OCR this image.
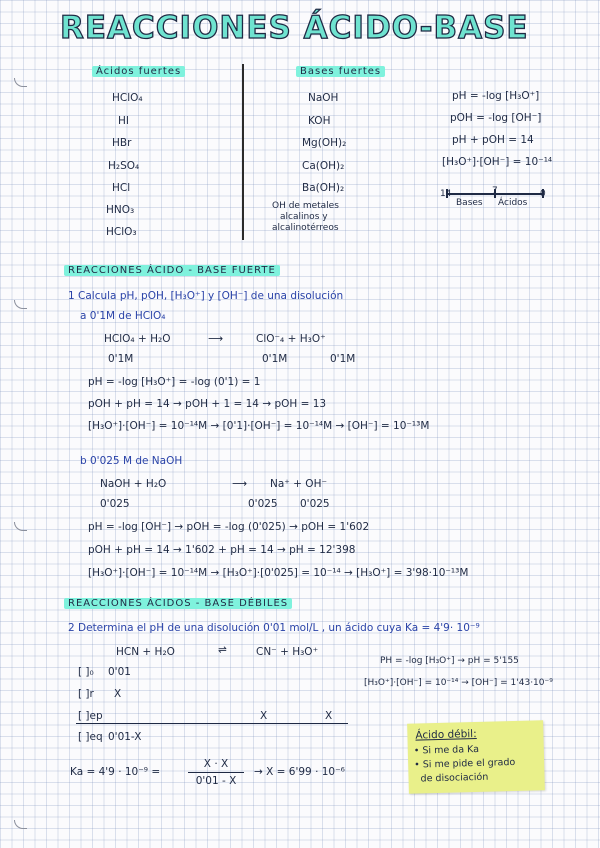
REACCIONES ÁCIDO-BASE
Ácidos fuertes	Bases fuertes
HClO₄
HI
HBr
H₂SO₄
HCl
HNO₃
HClO₃
NaOH
KOH
Mg(OH)₂
Ca(OH)₂
Ba(OH)₂
OH de metales
alcalinos y
alcalinotérreos
pH = -log [H₃O⁺]
pOH = -log [OH⁻]
pH + pOH = 14
[H₃O⁺]·[OH⁻] = 10⁻¹⁴
14	7	0
Bases Ácidos
REACCIONES ÁCIDO - BASE FUERTE
1 Calcula pH, pOH, [H₃O⁺] y [OH⁻] de una disolución
a 0'1M de HClO₄
HClO₄ + H₂O	⟶	ClO⁻₄ + H₃O⁺
0'1M	0'1M	0'1M
pH = -log [H₃O⁺] = -log (0'1) = 1
pOH + pH = 14 → pOH + 1 = 14 → pOH = 13
[H₃O⁺]·[OH⁻] = 10⁻¹⁴M → [0'1]·[OH⁻] = 10⁻¹⁴M → [OH⁻] = 10⁻¹³M
b 0'025 M de NaOH
NaOH + H₂O	⟶ Na⁺ + OH⁻
0'025	0'025 0'025
pH = -log [OH⁻] → pOH = -log (0'025) → pOH = 1'602
pOH + pH = 14 → 1'602 + pH = 14 → pH = 12'398
[H₃O⁺]·[OH⁻] = 10⁻¹⁴M → [H₃O⁺]·[0'025] = 10⁻¹⁴ → [H₃O⁺] = 3'98·10⁻¹³M
REACCIONES ÁCIDOS - BASE DÉBILES
2 Determina el pH de una disolución 0'01 mol/L , un ácido cuya Ka = 4'9· 10⁻⁹
HCN + H₂O	⇌	CN⁻ + H₃O⁺
[ ]₀ 0'01
[ ]r X
[ ]ep	X	X
[ ]eq 0'01-X
PH = -log [H₃O⁺] → pH = 5'155
[H₃O⁺]·[OH⁻] = 10⁻¹⁴ → [OH⁻] = 1'43·10⁻⁹
Ka = 4'9 · 10⁻⁹ =
X · X
0'01 - X
→ X = 6'99 · 10⁻⁶
Ácido débil:
• Si me da Ka
• Si me pide el grado
de disociación
